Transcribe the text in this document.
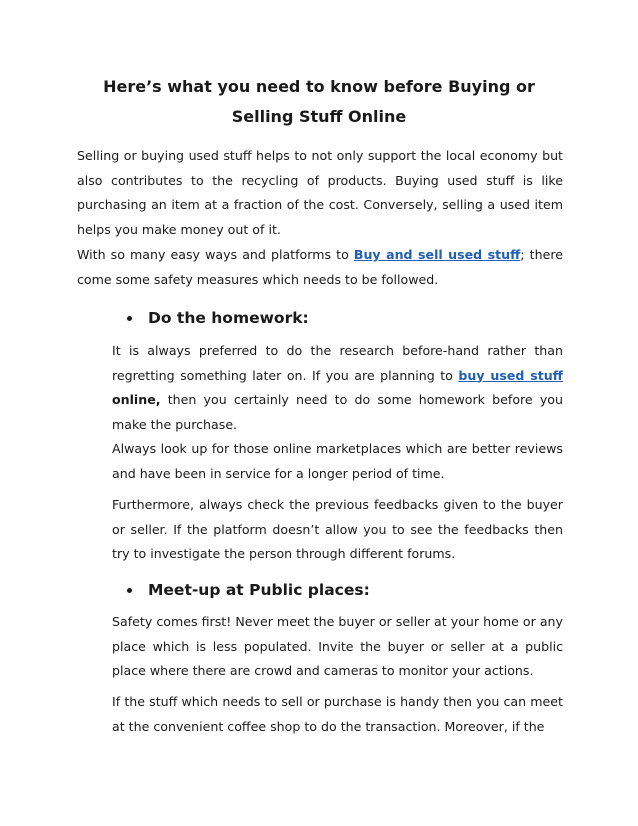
Here’s what you need to know before Buying or
Selling Stuff Online

Selling or buying used stuff helps to not only support the local economy but also contributes to the recycling of products. Buying used stuff is like purchasing an item at a fraction of the cost. Conversely, selling a used item helps you make money out of it.

With so many easy ways and platforms to Buy and sell used stuff; there come some safety measures which needs to be followed.

Do the homework:

It is always preferred to do the research before-hand rather than regretting something later on. If you are planning to buy used stuff online, then you certainly need to do some homework before you make the purchase.

Always look up for those online marketplaces which are better reviews and have been in service for a longer period of time.

Furthermore, always check the previous feedbacks given to the buyer or seller. If the platform doesn’t allow you to see the feedbacks then try to investigate the person through different forums.

Meet-up at Public places:

Safety comes first! Never meet the buyer or seller at your home or any place which is less populated. Invite the buyer or seller at a public place where there are crowd and cameras to monitor your actions.

If the stuff which needs to sell or purchase is handy then you can meet at the convenient coffee shop to do the transaction. Moreover, if the
